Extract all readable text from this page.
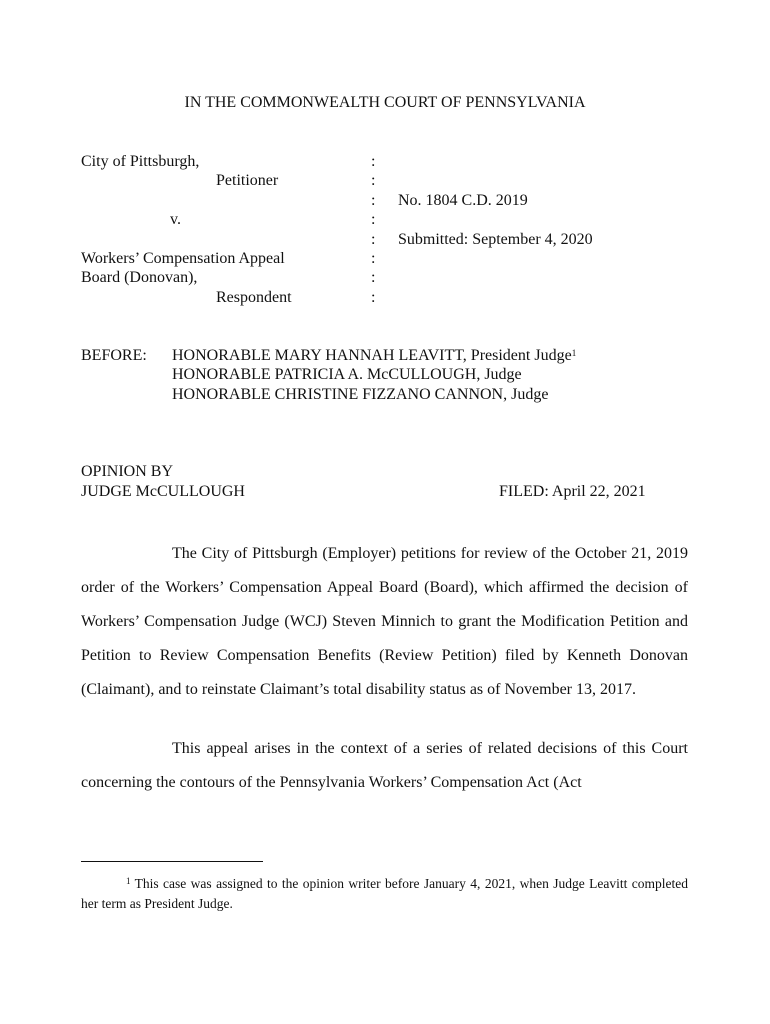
IN THE COMMONWEALTH COURT OF PENNSYLVANIA
City of Pittsburgh,
Petitioner
v.
Workers’ Compensation Appeal
Board (Donovan),
Respondent
:
:
:
:
:
:
:
:
No. 1804 C.D. 2019
Submitted: September 4, 2020
BEFORE: HONORABLE MARY HANNAH LEAVITT, President Judge$^1$
HONORABLE PATRICIA A. McCULLOUGH, Judge
HONORABLE CHRISTINE FIZZANO CANNON, Judge
OPINION BY
JUDGE McCULLOUGH	FILED: April 22, 2021
The City of Pittsburgh (Employer) petitions for review of the October 21, 2019 order of the Workers’ Compensation Appeal Board (Board), which affirmed the decision of Workers’ Compensation Judge (WCJ) Steven Minnich to grant the Modification Petition and Petition to Review Compensation Benefits (Review Petition) filed by Kenneth Donovan (Claimant), and to reinstate Claimant’s total disability status as of November 13, 2017.
This appeal arises in the context of a series of related decisions of this Court concerning the contours of the Pennsylvania Workers’ Compensation Act (Act
$^1$ This case was assigned to the opinion writer before January 4, 2021, when Judge Leavitt completed her term as President Judge.
